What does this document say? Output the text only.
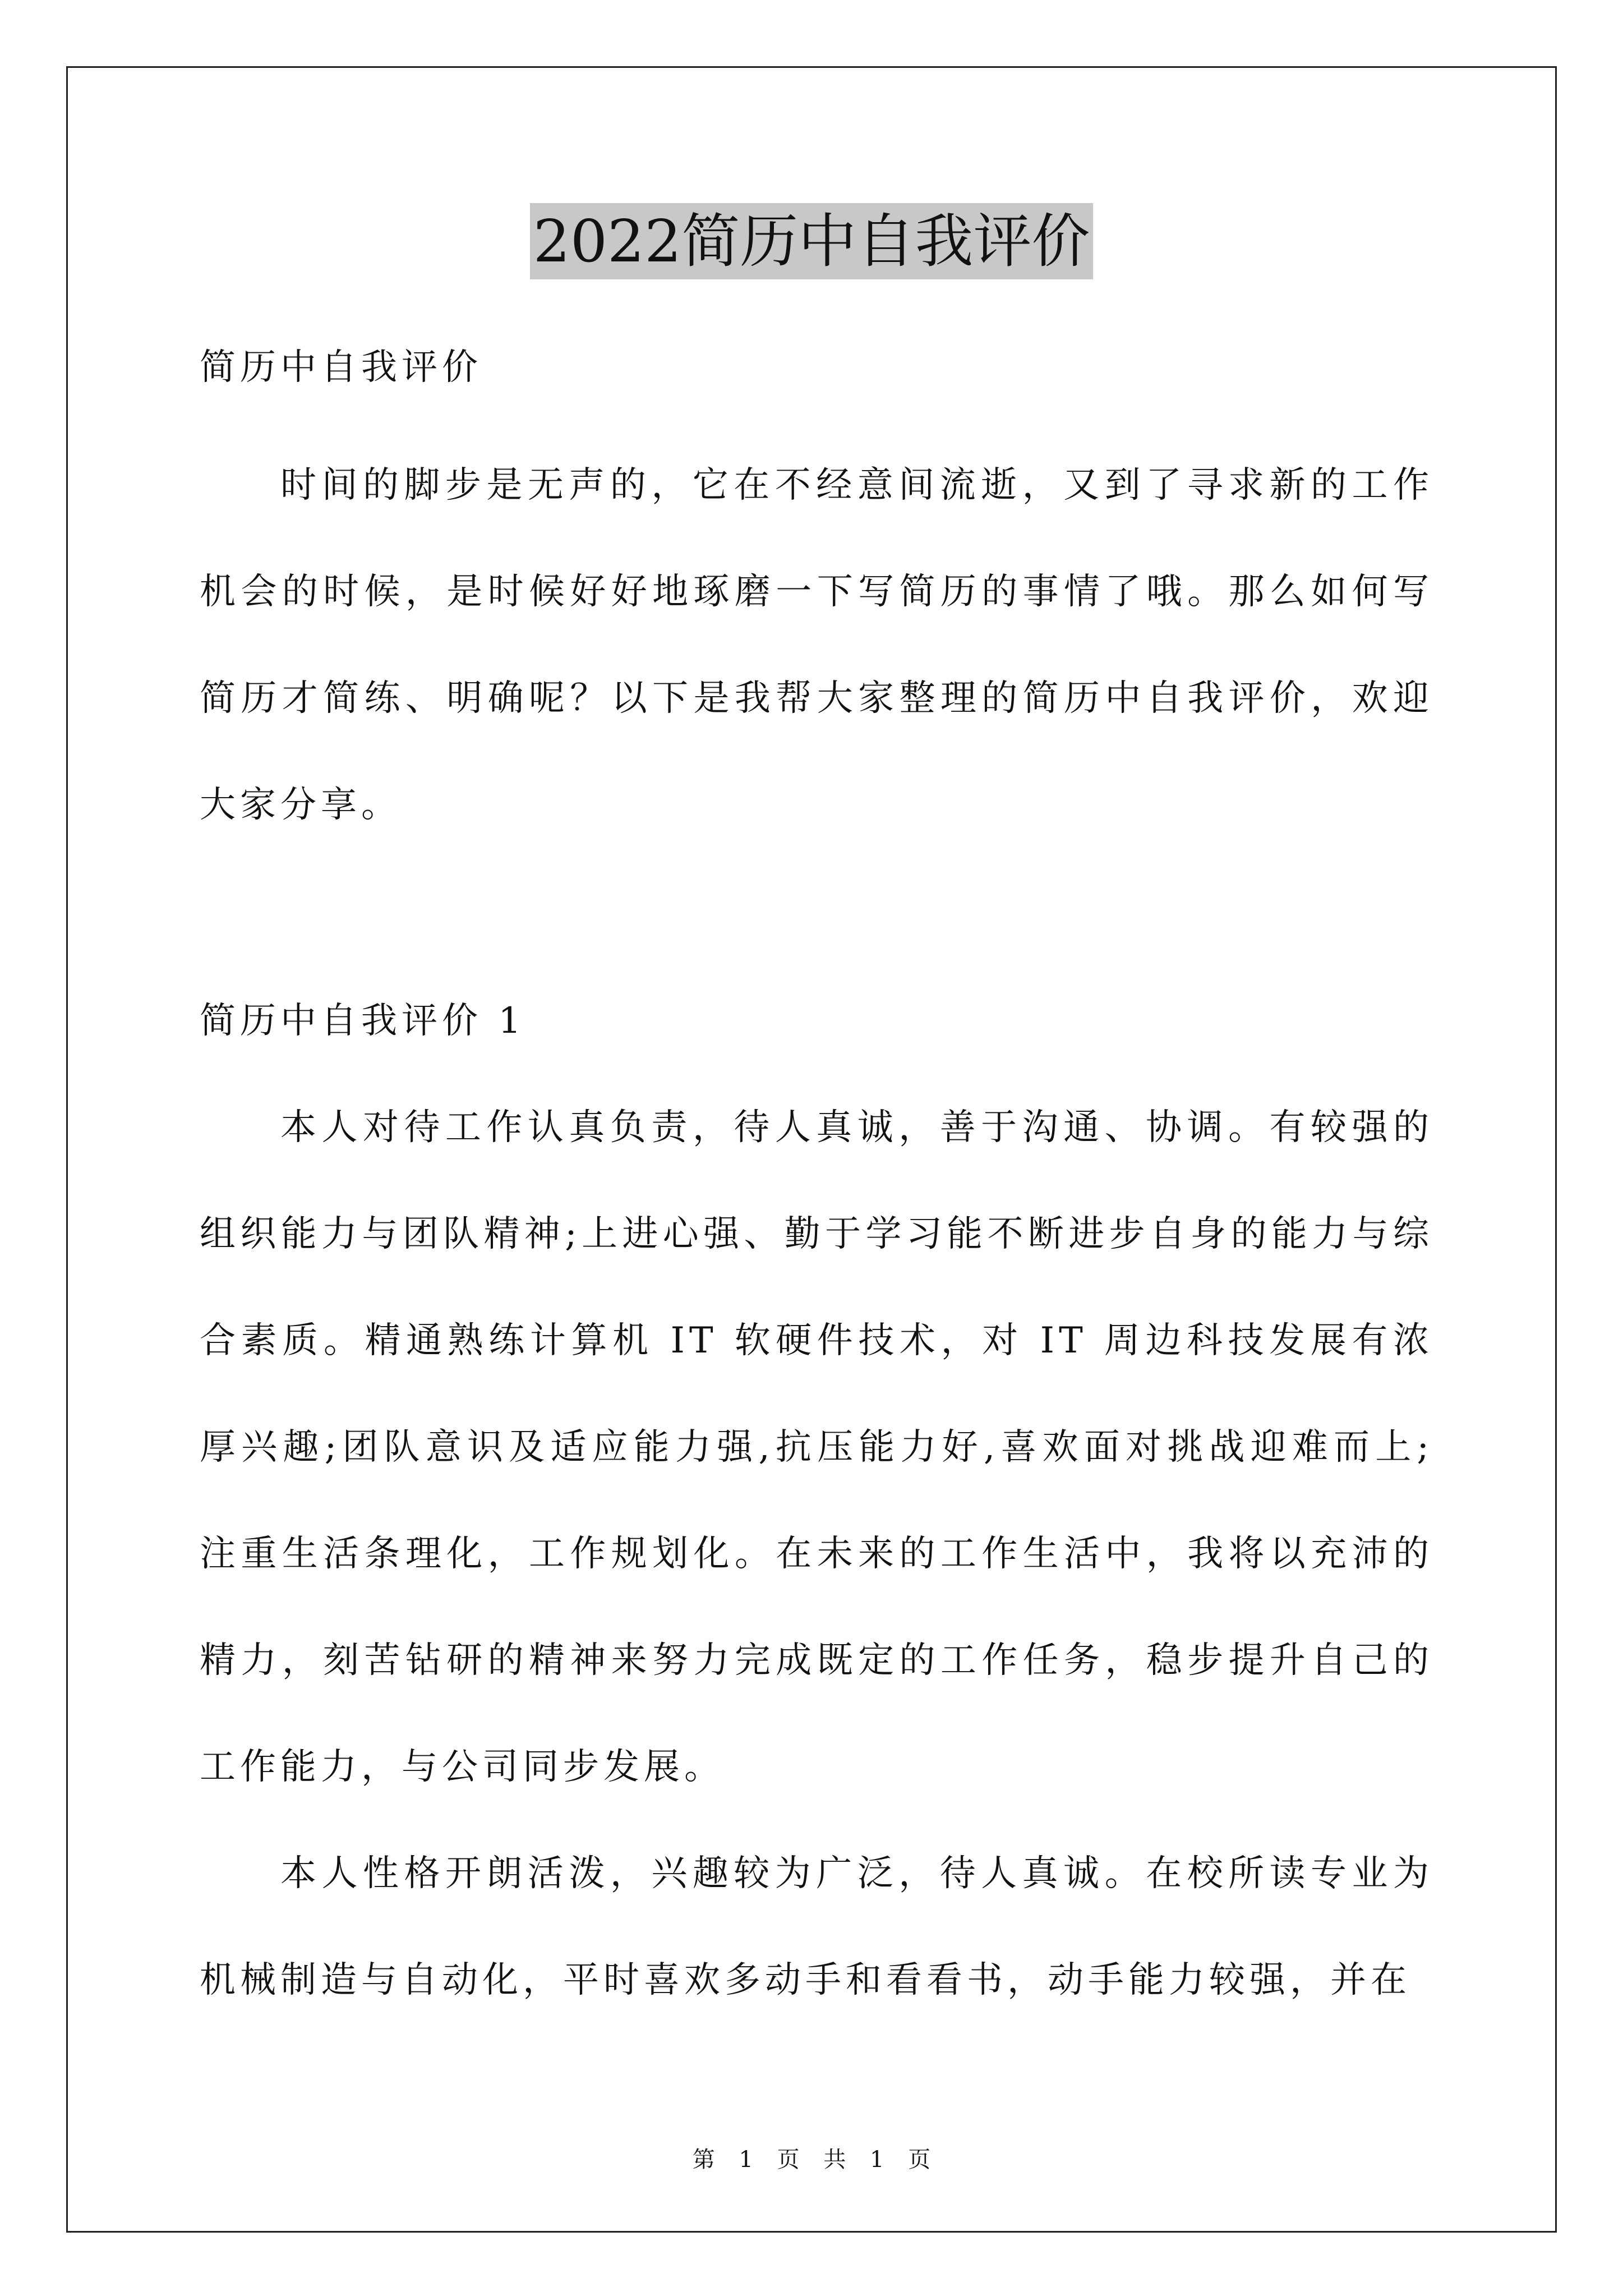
2022简历中自我评价

简历中自我评价

时间的脚步是无声的，它在不经意间流逝，又到了寻求新的工作机会的时候，是时候好好地琢磨一下写简历的事情了哦。那么如何写简历才简练、明确呢？以下是我帮大家整理的简历中自我评价，欢迎大家分享。

简历中自我评价 1

本人对待工作认真负责，待人真诚，善于沟通、协调。有较强的组织能力与团队精神;上进心强、勤于学习能不断进步自身的能力与综合素质。精通熟练计算机 IT 软硬件技术，对 IT 周边科技发展有浓厚兴趣;团队意识及适应能力强,抗压能力好,喜欢面对挑战迎难而上;注重生活条理化，工作规划化。在未来的工作生活中，我将以充沛的精力，刻苦钻研的精神来努力完成既定的工作任务，稳步提升自己的工作能力，与公司同步发展。

本人性格开朗活泼，兴趣较为广泛，待人真诚。在校所读专业为机械制造与自动化，平时喜欢多动手和看看书，动手能力较强，并在

第 1 页 共 1 页
